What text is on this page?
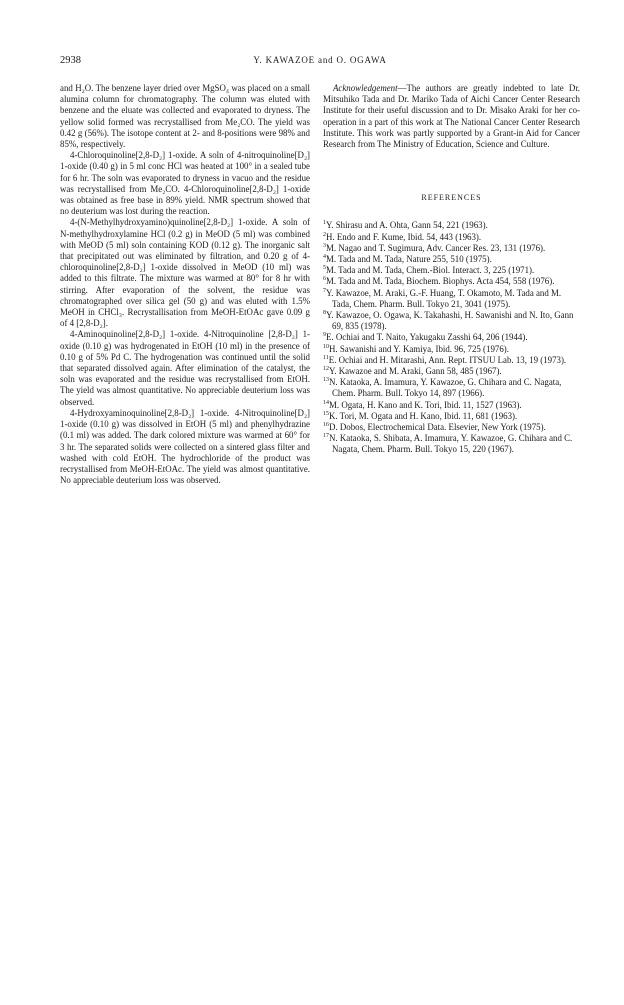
2938	Y. KAWAZOE and O. OGAWA

and H₂O. The benzene layer dried over MgSO₄ was placed on a small alumina column for chromatography. The column was eluted with benzene and the eluate was collected and evaporated to dryness. The yellow solid formed was recrystallised from Me₂CO. The yield was 0.42 g (56%). The isotope content at 2- and 8-positions were 98% and 85%, respectively.

4-Chloroquinoline[2,8-D₂] 1-oxide. A soln of 4-nitroquinoline[D₂] 1-oxide (0.40 g) in 5 ml conc HCl was heated at 100° in a sealed tube for 6 hr. The soln was evaporated to dryness in vacuo and the residue was recrystallised from Me₂CO. 4-Chloroquinoline[2,8-D₂] 1-oxide was obtained as free base in 89% yield. NMR spectrum showed that no deuterium was lost during the reaction.

4-(N-Methylhydroxyamino)quinoline[2,8-D₂] 1-oxide. A soln of N-methylhydroxylamine HCl (0.2 g) in MeOD (5 ml) was combined with MeOD (5 ml) soln containing KOD (0.12 g). The inorganic salt that precipitated out was eliminated by filtration, and 0.20 g of 4-chloroquinoline[2,8-D₂] 1-oxide dissolved in MeOD (10 ml) was added to this filtrate. The mixture was warmed at 80° for 8 hr with stirring. After evaporation of the solvent, the residue was chromatographed over silica gel (50 g) and was eluted with 1.5% MeOH in CHCl₃. Recrystallisation from MeOH-EtOAc gave 0.09 g of 4 [2,8-D₂].

4-Aminoquinoline[2,8-D₂] 1-oxide. 4-Nitroquinoline [2,8-D₂] 1-oxide (0.10 g) was hydrogenated in EtOH (10 ml) in the presence of 0.10 g of 5% Pd C. The hydrogenation was continued until the solid that separated dissolved again. After elimination of the catalyst, the soln was evaporated and the residue was recrystallised from EtOH. The yield was almost quantitative. No appreciable deuterium loss was observed.

4-Hydroxyaminoquinoline[2,8-D₂] 1-oxide. 4-Nitroquinoline[D₂] 1-oxide (0.10 g) was dissolved in EtOH (5 ml) and phenylhydrazine (0.1 ml) was added. The dark colored mixture was warmed at 60° for 3 hr. The separated solids were collected on a sintered glass filter and washed with cold EtOH. The hydrochloride of the product was recrystallised from MeOH-EtOAc. The yield was almost quantitative. No appreciable deuterium loss was observed.

Acknowledgement—The authors are greatly indebted to late Dr. Mitsuhiko Tada and Dr. Mariko Tada of Aichi Cancer Center Research Institute for their useful discussion and to Dr. Misako Araki for her co-operation in a part of this work at The National Cancer Center Research Institute. This work was partly supported by a Grant-in Aid for Cancer Research from The Ministry of Education, Science and Culture.

REFERENCES

$^1$Y. Shirasu and A. Ohta, Gann 54, 221 (1963).

$^2$H. Endo and F. Kume, Ibid. 54, 443 (1963).

$^3$M. Nagao and T. Sugimura, Adv. Cancer Res. 23, 131 (1976).

$^4$M. Tada and M. Tada, Nature 255, 510 (1975).

$^5$M. Tada and M. Tada, Chem.-Biol. Interact. 3, 225 (1971).

$^6$M. Tada and M. Tada, Biochem. Biophys. Acta 454, 558 (1976).

$^7$Y. Kawazoe, M. Araki, G.-F. Huang, T. Okamoto, M. Tada and M. Tada, Chem. Pharm. Bull. Tokyo 21, 3041 (1975).

$^8$Y. Kawazoe, O. Ogawa, K. Takahashi, H. Sawanishi and N. Ito, Gann 69, 835 (1978).

$^9$E. Ochiai and T. Naito, Yakugaku Zasshi 64, 206 (1944).

$^{10}$H. Sawanishi and Y. Kamiya, Ibid. 96, 725 (1976).

$^{11}$E. Ochiai and H. Mitarashi, Ann. Rept. ITSUU Lab. 13, 19 (1973).

$^{12}$Y. Kawazoe and M. Araki, Gann 58, 485 (1967).

$^{13}$N. Kataoka, A. Imamura, Y. Kawazoe, G. Chihara and C. Nagata, Chem. Pharm. Bull. Tokyo 14, 897 (1966).

$^{14}$M. Ogata, H. Kano and K. Tori, Ibid. 11, 1527 (1963).

$^{15}$K. Tori, M. Ogata and H. Kano, Ibid. 11, 681 (1963).

$^{16}$D. Dobos, Electrochemical Data. Elsevier, New York (1975).

$^{17}$N. Kataoka, S. Shibata, A. Imamura, Y. Kawazoe, G. Chihara and C. Nagata, Chem. Pharm. Bull. Tokyo 15, 220 (1967).
